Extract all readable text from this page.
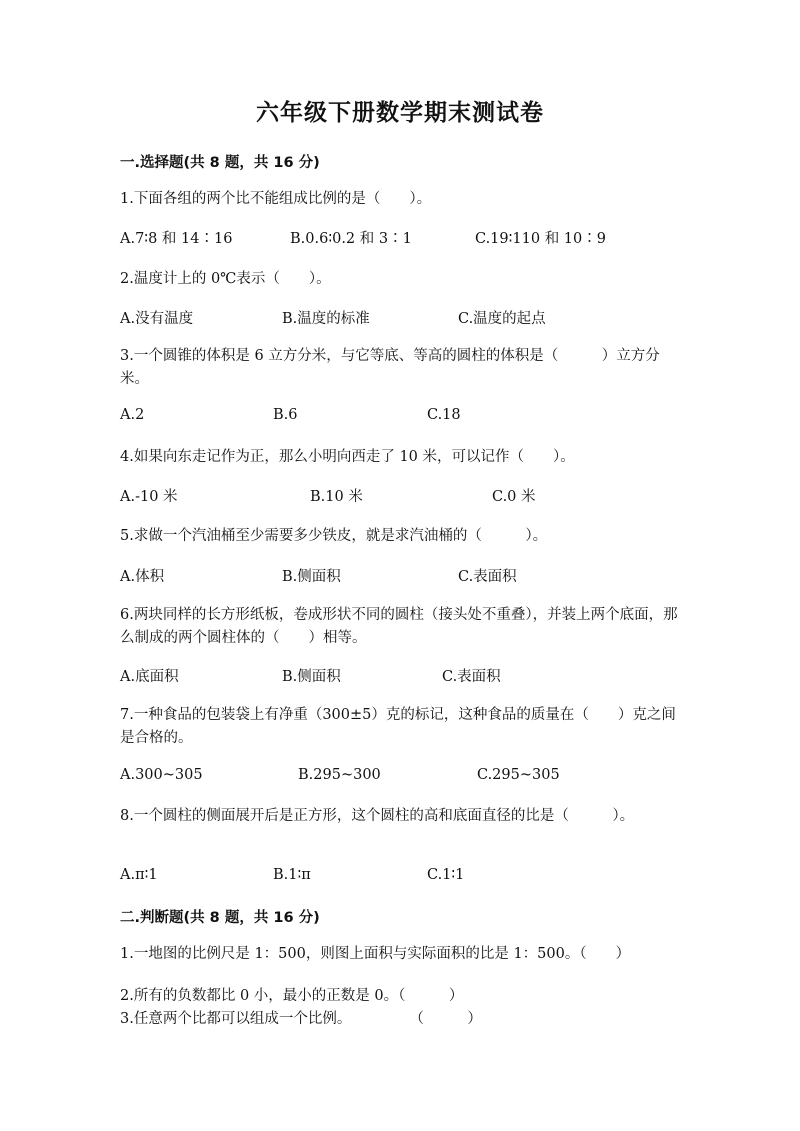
六年级下册数学期末测试卷
一.选择题(共 8 题，共 16 分)
1.下面各组的两个比不能组成比例的是（　　）。
A.7∶8 和 14∶16	B.0.6∶0.2 和 3∶1	C.19∶110 和 10∶9
2.温度计上的 0℃表示（　　）。
A.没有温度	B.温度的标准	C.温度的起点
3.一个圆锥的体积是 6 立方分米，与它等底、等高的圆柱的体积是（　　　）立方分米。
A.2	B.6	C.18
4.如果向东走记作为正，那么小明向西走了 10 米，可以记作（　　）。
A.-10 米	B.10 米	C.0 米
5.求做一个汽油桶至少需要多少铁皮，就是求汽油桶的（　　　）。
A.体积	B.侧面积	C.表面积
6.两块同样的长方形纸板，卷成形状不同的圆柱（接头处不重叠），并装上两个底面，那么制成的两个圆柱体的（　　）相等。
A.底面积	B.侧面积	C.表面积
7.一种食品的包装袋上有净重（300±5）克的标记，这种食品的质量在（　　）克之间是合格的。
A.300~305	B.295~300	C.295~305
8.一个圆柱的侧面展开后是正方形，这个圆柱的高和底面直径的比是（　　　）。
A.π∶1	B.1∶π	C.1∶1
二.判断题(共 8 题，共 16 分)
1.一地图的比例尺是 1：500，则图上面积与实际面积的比是 1：500。（　　）
2.所有的负数都比 0 小，最小的正数是 0。（　　　）
3.任意两个比都可以组成一个比例。　　　　　（　　　）
